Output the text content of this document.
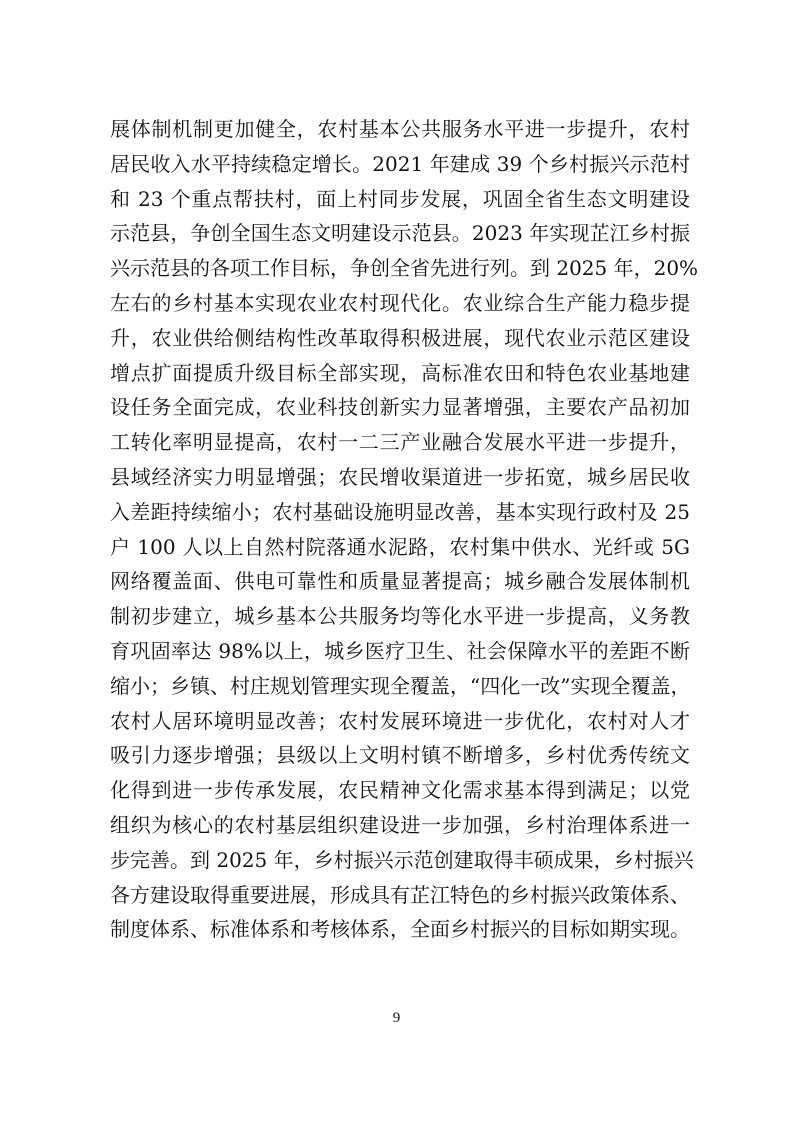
展体制机制更加健全，农村基本公共服务水平进一步提升，农村
居民收入水平持续稳定增长。2021 年建成 39 个乡村振兴示范村
和 23 个重点帮扶村，面上村同步发展，巩固全省生态文明建设
示范县，争创全国生态文明建设示范县。2023 年实现芷江乡村振
兴示范县的各项工作目标，争创全省先进行列。到 2025 年，20%
左右的乡村基本实现农业农村现代化。农业综合生产能力稳步提
升，农业供给侧结构性改革取得积极进展，现代农业示范区建设
增点扩面提质升级目标全部实现，高标准农田和特色农业基地建
设任务全面完成，农业科技创新实力显著增强，主要农产品初加
工转化率明显提高，农村一二三产业融合发展水平进一步提升，
县域经济实力明显增强；农民增收渠道进一步拓宽，城乡居民收
入差距持续缩小；农村基础设施明显改善，基本实现行政村及 25
户 100 人以上自然村院落通水泥路，农村集中供水、光纤或 5G
网络覆盖面、供电可靠性和质量显著提高；城乡融合发展体制机
制初步建立，城乡基本公共服务均等化水平进一步提高，义务教
育巩固率达 98%以上，城乡医疗卫生、社会保障水平的差距不断
缩小；乡镇、村庄规划管理实现全覆盖，“四化一改”实现全覆盖，
农村人居环境明显改善；农村发展环境进一步优化，农村对人才
吸引力逐步增强；县级以上文明村镇不断增多，乡村优秀传统文
化得到进一步传承发展，农民精神文化需求基本得到满足；以党
组织为核心的农村基层组织建设进一步加强，乡村治理体系进一
步完善。到 2025 年，乡村振兴示范创建取得丰硕成果，乡村振兴
各方建设取得重要进展，形成具有芷江特色的乡村振兴政策体系、
制度体系、标准体系和考核体系，全面乡村振兴的目标如期实现。
9
